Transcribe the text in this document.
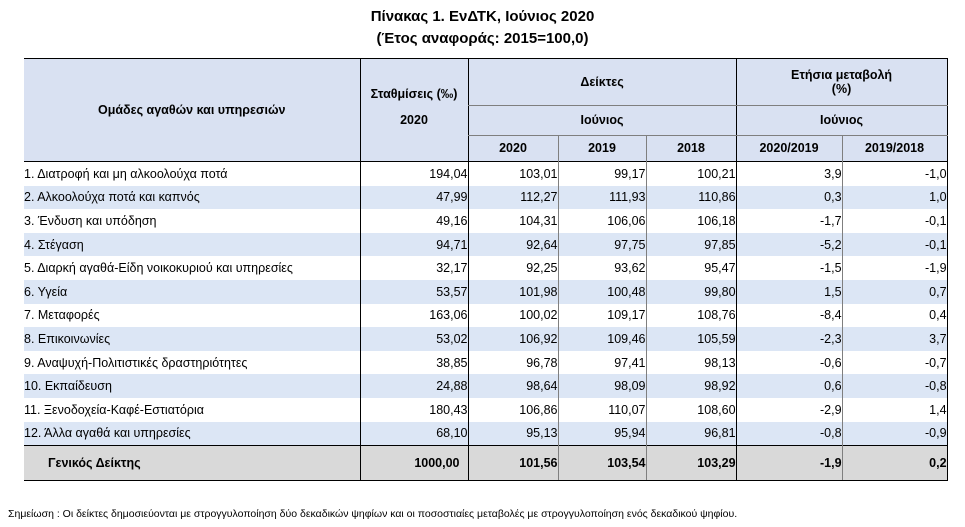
Πίνακας 1. ΕνΔΤΚ, Ιούνιος 2020
(Έτος αναφοράς: 2015=100,0)
Ομάδες αγαθών και υπηρεσιών	Σταθμίσεις (‰)	Δείκτες			Ετήσια μεταβολή
(%)	

	2020	Ιούνιος			Ιούνιος	
		2020	2019	2018	2020/2019	2019/2018
1. Διατροφή και μη αλκοολούχα ποτά	194,04	103,01	99,17	100,21	3,9	-1,0
2. Αλκοολούχα ποτά και καπνός	47,99	112,27	111,93	110,86	0,3	1,0
3. Ένδυση και υπόδηση	49,16	104,31	106,06	106,18	-1,7	-0,1
4. Στέγαση	94,71	92,64	97,75	97,85	-5,2	-0,1
5. Διαρκή αγαθά-Είδη νοικοκυριού και υπηρεσίες	32,17	92,25	93,62	95,47	-1,5	-1,9
6. Υγεία	53,57	101,98	100,48	99,80	1,5	0,7
7. Μεταφορές	163,06	100,02	109,17	108,76	-8,4	0,4
8. Επικοινωνίες	53,02	106,92	109,46	105,59	-2,3	3,7
9. Αναψυχή-Πολιτιστικές δραστηριότητες	38,85	96,78	97,41	98,13	-0,6	-0,7
10. Εκπαίδευση	24,88	98,64	98,09	98,92	0,6	-0,8
11. Ξενοδοχεία-Καφέ-Εστιατόρια	180,43	106,86	110,07	108,60	-2,9	1,4
12. Άλλα αγαθά και υπηρεσίες	68,10	95,13	95,94	96,81	-0,8	-0,9
Γενικός Δείκτης	1000,00	101,56	103,54	103,29	-1,9	0,2
Σημείωση : Οι δείκτες δημοσιεύονται με στρογγυλοποίηση δύο δεκαδικών ψηφίων και οι ποσοστιαίες μεταβολές με στρογγυλοποίηση ενός δεκαδικού ψηφίου.
